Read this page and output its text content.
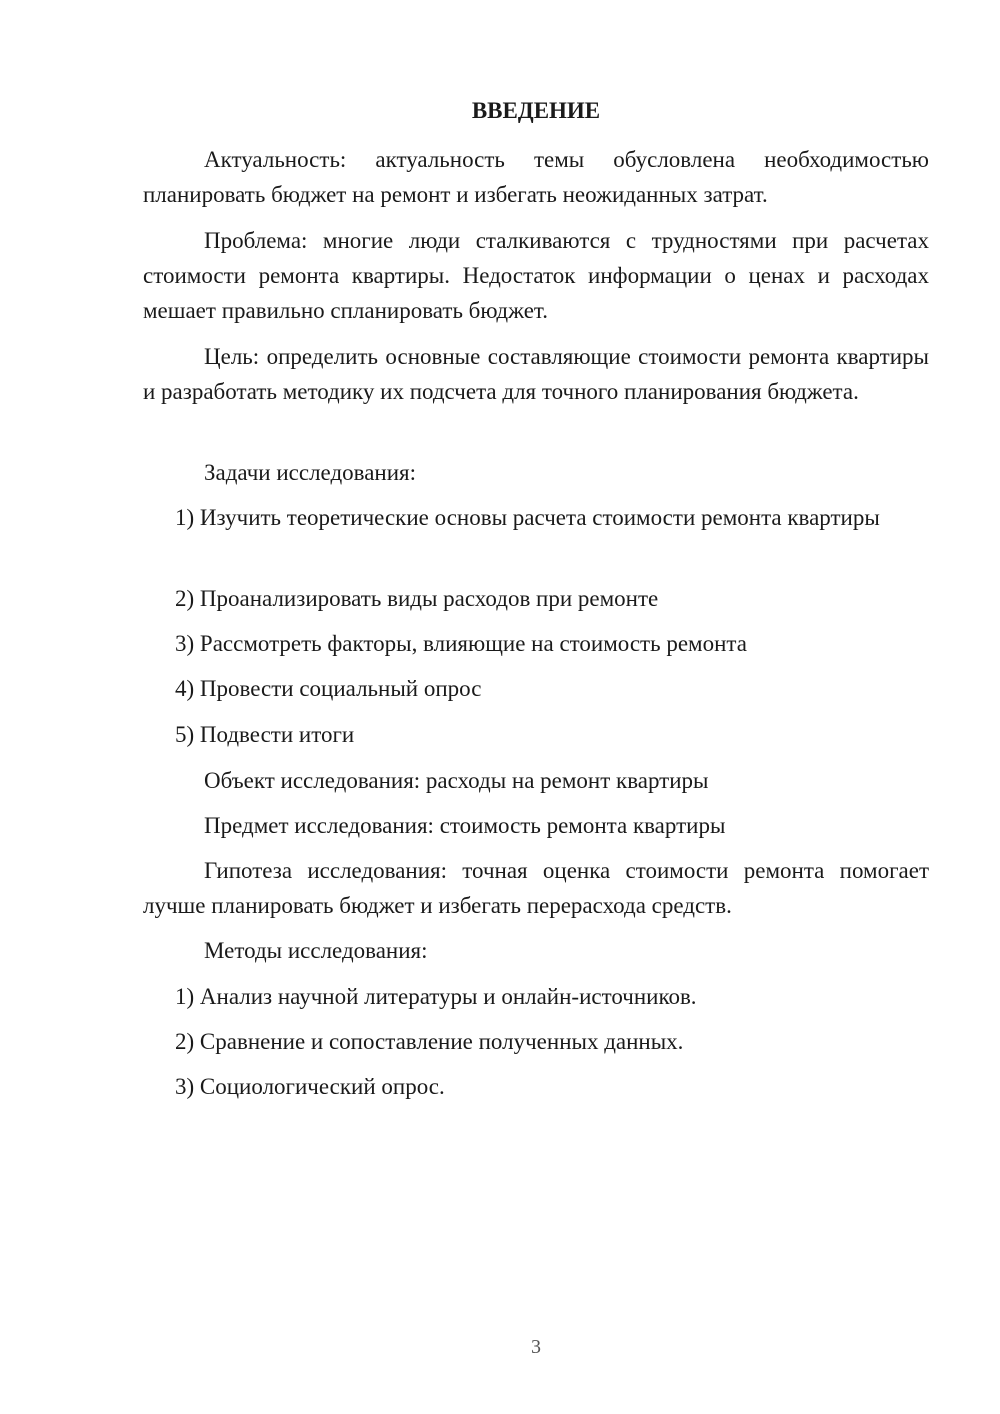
ВВЕДЕНИЕ

Актуальность: актуальность темы обусловлена необходимостью планировать бюджет на ремонт и избегать неожиданных затрат.

Проблема: многие люди сталкиваются с трудностями при расчетах стоимости ремонта квартиры. Недостаток информации о ценах и расходах мешает правильно спланировать бюджет.

Цель: определить основные составляющие стоимости ремонта квартиры и разработать методику их подсчета для точного планирования бюджета.

Задачи исследования:

1) Изучить теоретические основы расчета стоимости ремонта квартиры

2) Проанализировать виды расходов при ремонте

3) Рассмотреть факторы, влияющие на стоимость ремонта

4) Провести социальный опрос

5) Подвести итоги

Объект исследования: расходы на ремонт квартиры

Предмет исследования: стоимость ремонта квартиры

Гипотеза исследования: точная оценка стоимости ремонта помогает лучше планировать бюджет и избегать перерасхода средств.

Методы исследования:

1) Анализ научной литературы и онлайн-источников.

2) Сравнение и сопоставление полученных данных.

3) Социологический опрос.

3
